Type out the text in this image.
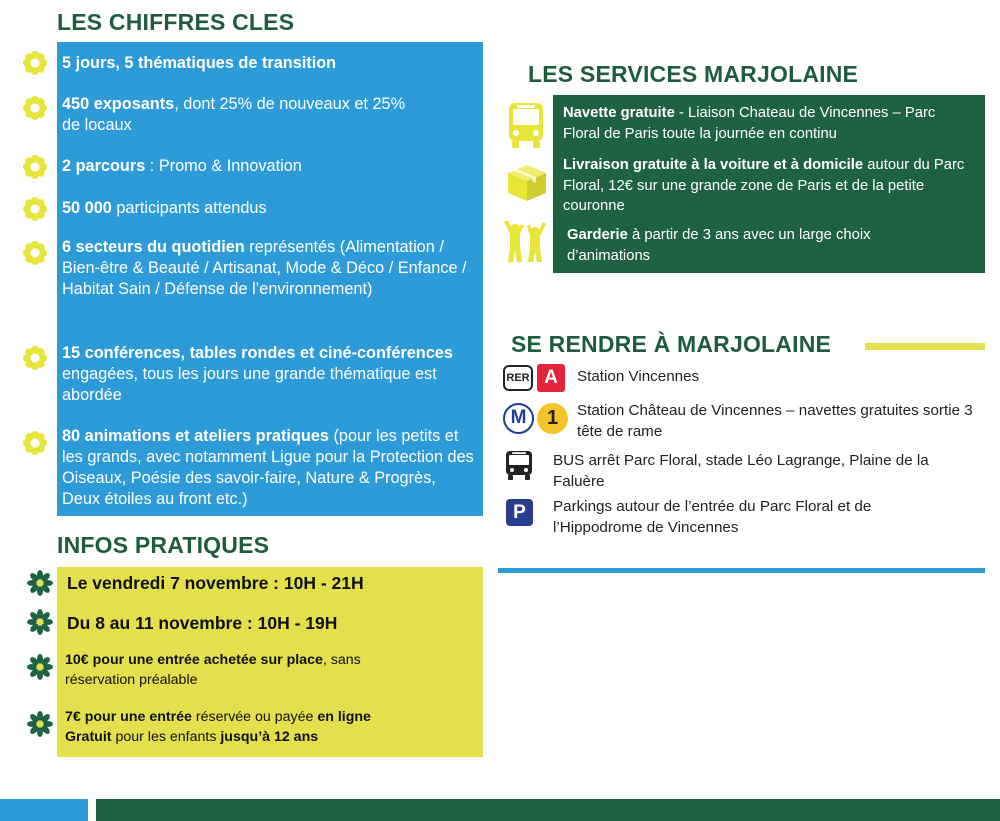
LES CHIFFRES CLES
5 jours, 5 thématiques de transition
450 exposants, dont 25% de nouveaux et 25% de locaux
2 parcours : Promo & Innovation
50 000 participants attendus
6 secteurs du quotidien représentés (Alimentation / Bien-être & Beauté / Artisanat, Mode & Déco / Enfance / Habitat Sain / Défense de l’environnement)
15 conférences, tables rondes et ciné-conférences engagées, tous les jours une grande thématique est abordée
80 animations et ateliers pratiques (pour les petits et les grands, avec notamment Ligue pour la Protection des Oiseaux, Poésie des savoir-faire, Nature & Progrès, Deux étoiles au front etc.)
INFOS PRATIQUES
Le vendredi 7 novembre : 10H - 21H
Du 8 au 11 novembre : 10H - 19H
10€ pour une entrée achetée sur place, sans réservation préalable
7€ pour une entrée réservée ou payée en ligne
Gratuit pour les enfants jusqu’à 12 ans
LES SERVICES MARJOLAINE
Navette gratuite - Liaison Chateau de Vincennes – Parc Floral de Paris toute la journée en continu
Livraison gratuite à la voiture et à domicile autour du Parc Floral, 12€ sur une grande zone de Paris et de la petite couronne
Garderie à partir de 3 ans avec un large choix d’animations
SE RENDRE À MARJOLAINE
RER A	Station Vincennes
M	1	Station Château de Vincennes – navettes gratuites sortie 3 tête de rame
BUS arrêt Parc Floral, stade Léo Lagrange, Plaine de la Faluère
P	Parkings autour de l’entrée du Parc Floral et de l’Hippodrome de Vincennes
